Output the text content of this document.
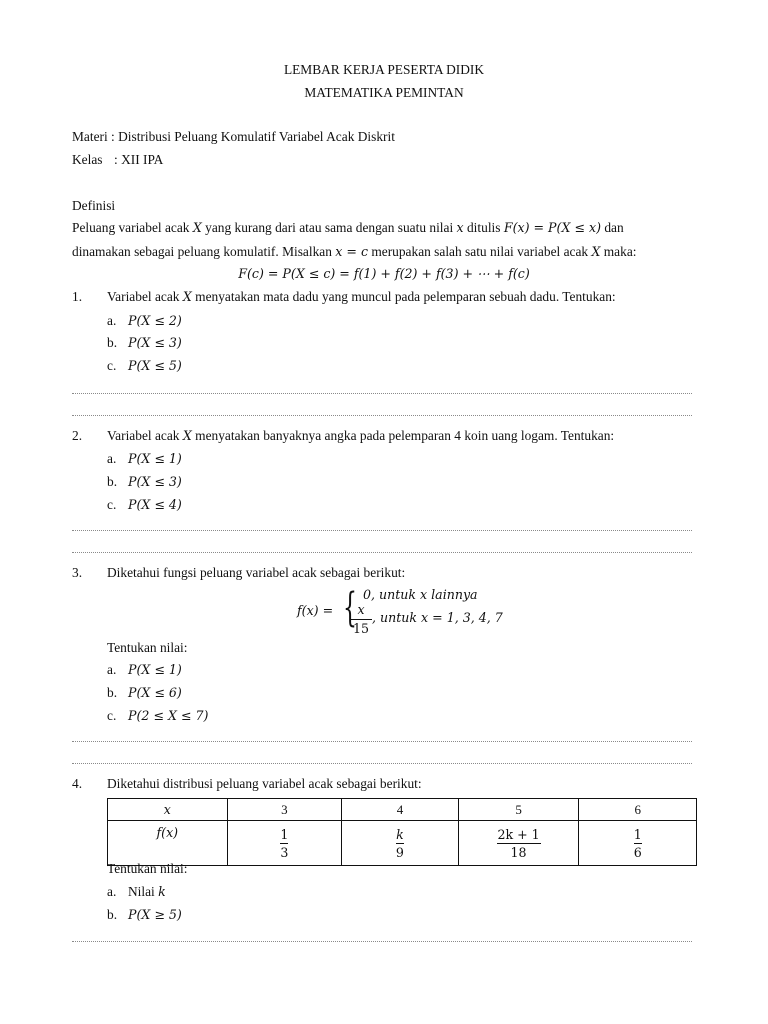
LEMBAR KERJA PESERTA DIDIK
MATEMATIKA PEMINTAN
Materi : Distribusi Peluang Komulatif Variabel Acak Diskrit
Kelas : XII IPA
Definisi
Peluang variabel acak X yang kurang dari atau sama dengan suatu nilai x ditulis F(x) = P(X ≤ x) dan
dinamakan sebagai peluang komulatif. Misalkan x = c merupakan salah satu nilai variabel acak X maka:
F(c) = P(X ≤ c) = f(1) + f(2) + f(3) + ⋯ + f(c)
1. Variabel acak X menyatakan mata dadu yang muncul pada pelemparan sebuah dadu. Tentukan:
a. P(X ≤ 2)
b. P(X ≤ 3)
c. P(X ≤ 5)
2. Variabel acak X menyatakan banyaknya angka pada pelemparan 4 koin uang logam. Tentukan:
a. P(X ≤ 1)
b. P(X ≤ 3)
c. P(X ≤ 4)
3. Diketahui fungsi peluang variabel acak sebagai berikut:
f(x) = { 0, untuk x lainnya
x
15
, untuk x = 1, 3, 4, 7
Tentukan nilai:
a. P(X ≤ 1)
b. P(X ≤ 6)
c. P(2 ≤ X ≤ 7)
4. Diketahui distribusi peluang variabel acak sebagai berikut:
x	3	4	5	6
f(x)	$\frac{1}{3}$	$\frac{k}{9}$	$\frac{2k + 1}{18}$	$\frac{1}{6}$
Tentukan nilai:
a. Nilai k
b. P(X ≥ 5)
